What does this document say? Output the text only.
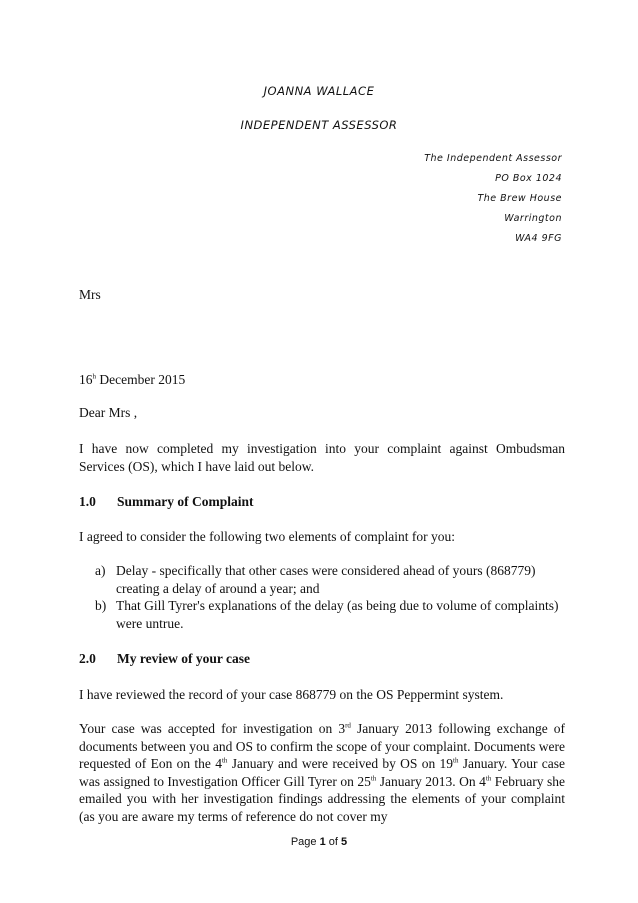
JOANNA WALLACE
INDEPENDENT ASSESSOR
The Independent Assessor
PO Box 1024
The Brew House
Warrington
WA4 9FG
Mrs
16$^h$ December 2015
Dear Mrs ,
I have now completed my investigation into your complaint against Ombudsman Services (OS), which I have laid out below.
1.0 Summary of Complaint
I agreed to consider the following two elements of complaint for you:
a) Delay - specifically that other cases were considered ahead of yours (868779) creating a delay of around a year; and
b) That Gill Tyrer's explanations of the delay (as being due to volume of complaints) were untrue.
2.0 My review of your case
I have reviewed the record of your case 868779 on the OS Peppermint system.
Your case was accepted for investigation on 3rd January 2013 following exchange of documents between you and OS to confirm the scope of your complaint. Documents were requested of Eon on the 4th January and were received by OS on 19th January. Your case was assigned to Investigation Officer Gill Tyrer on 25th January 2013. On 4th February she emailed you with her investigation findings addressing the elements of your complaint (as you are aware my terms of reference do not cover my
Page 1 of 5
